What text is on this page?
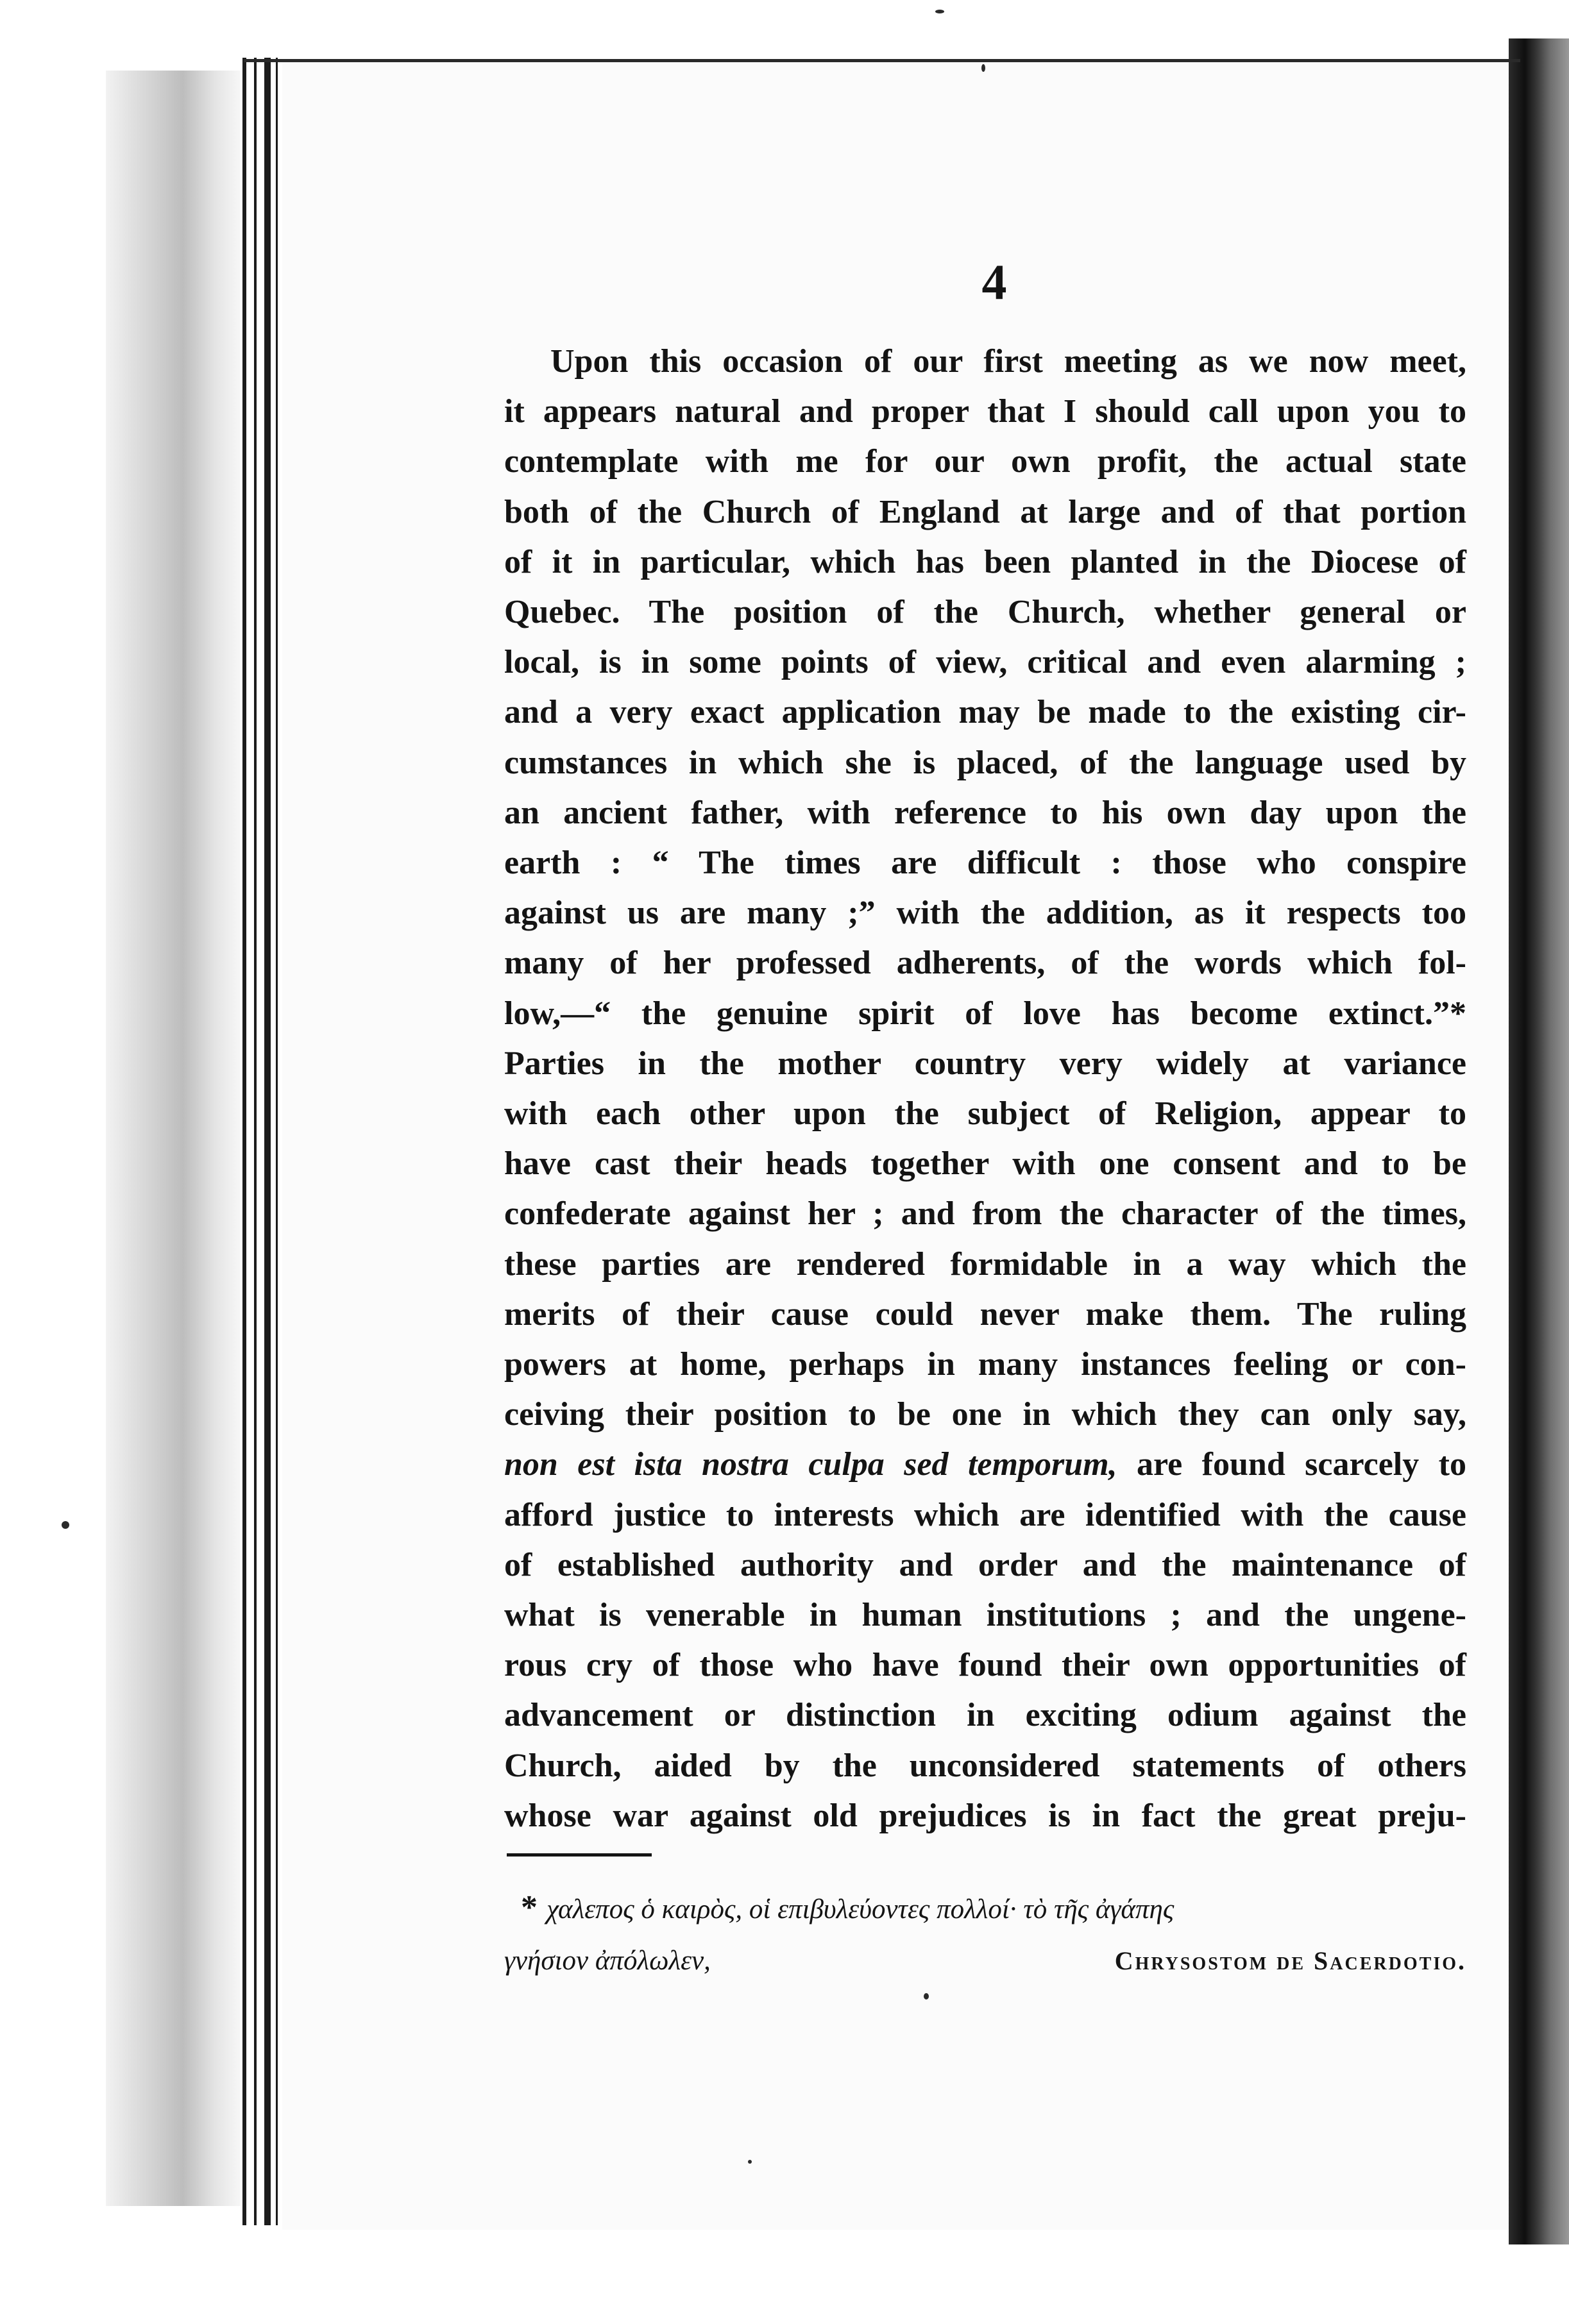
4
Upon this occasion of our first meeting as we now meet,
it appears natural and proper that I should call upon you to
contemplate with me for our own profit, the actual state
both of the Church of England at large and of that portion
of it in particular, which has been planted in the Diocese of
Quebec. The position of the Church, whether general or
local, is in some points of view, critical and even alarming ;
and a very exact application may be made to the existing cir-
cumstances in which she is placed, of the language used by
an ancient father, with reference to his own day upon the
earth : “ The times are difficult : those who conspire
against us are many ;” with the addition, as it respects too
many of her professed adherents, of the words which fol-
low,—“ the genuine spirit of love has become extinct.”*
Parties in the mother country very widely at variance
with each other upon the subject of Religion, appear to
have cast their heads together with one consent and to be
confederate against her ; and from the character of the times,
these parties are rendered formidable in a way which the
merits of their cause could never make them. The ruling
powers at home, perhaps in many instances feeling or con-
ceiving their position to be one in which they can only say,
non est ista nostra culpa sed temporum, are found scarcely to
afford justice to interests which are identified with the cause
of established authority and order and the maintenance of
what is venerable in human institutions ; and the ungene-
rous cry of those who have found their own opportunities of
advancement or distinction in exciting odium against the
Church, aided by the unconsidered statements of others
whose war against old prejudices is in fact the great preju-
* χαλεπος ὁ καιρὸς, οἱ επιβυλεύοντες πολλοί· τὸ τῆς ἀγάπης
γνήσιον ἀπόλωλεν,	Chrysostom de Sacerdotio.
